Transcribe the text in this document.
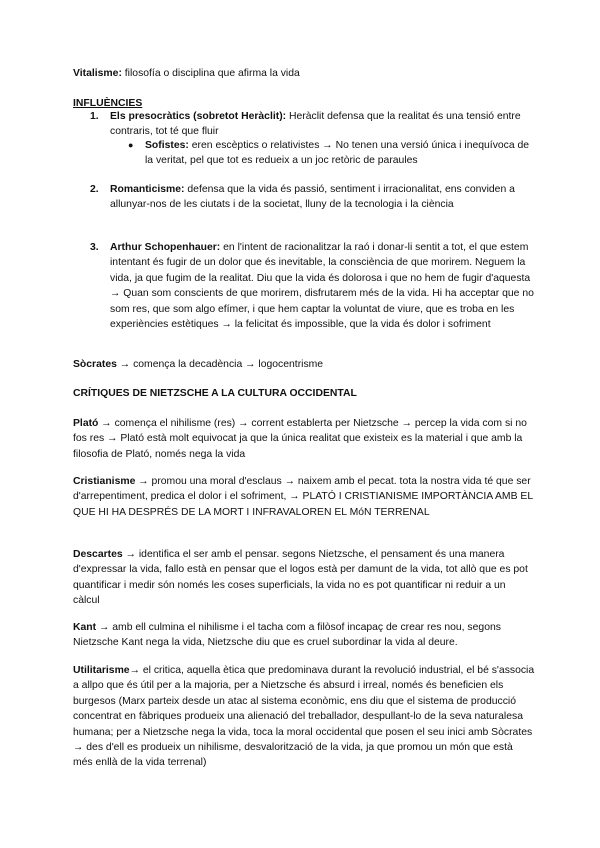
Vitalisme: filosofía o disciplina que afirma la vida
INFLUÈNCIES
1. Els presocràtics (sobretot Heràclit): Heràclit defensa que la realitat és una tensió entre contraris, tot té que fluir
● Sofistes: eren escèptics o relativistes → No tenen una versió única i inequívoca de la veritat, pel que tot es redueix a un joc retòric de paraules
2. Romanticisme: defensa que la vida és passió, sentiment i irracionalitat, ens conviden a allunyar-nos de les ciutats i de la societat, lluny de la tecnologia i la ciència
3. Arthur Schopenhauer: en l'intent de racionalitzar la raó i donar-li sentit a tot, el que estem intentant és fugir de un dolor que és inevitable, la consciència de que morirem. Neguem la vida, ja que fugim de la realitat. Diu que la vida és dolorosa i que no hem de fugir d'aquesta → Quan som conscients de que morirem, disfrutarem més de la vida. Hi ha acceptar que no som res, que som algo efímer, i que hem captar la voluntat de viure, que es troba en les experiències estètiques → la felicitat és impossible, que la vida és dolor i sofriment
Sòcrates → comença la decadència → logocentrisme
CRÍTIQUES DE NIETZSCHE A LA CULTURA OCCIDENTAL
Plató → comença el nihilisme (res) → corrent establerta per Nietzsche → percep la vida com si no fos res → Plató està molt equivocat ja que la única realitat que existeix es la material i que amb la filosofia de Plató, només nega la vida
Cristianisme → promou una moral d'esclaus → naixem amb el pecat. tota la nostra vida té que ser d'arrepentiment, predica el dolor i el sofriment, → PLATÓ I CRISTIANISME IMPORTÀNCIA AMB EL QUE HI HA DESPRÉS DE LA MORT I INFRAVALOREN EL MóN TERRENAL
Descartes → identifica el ser amb el pensar. segons Nietzsche, el pensament és una manera d'expressar la vida, fallo està en pensar que el logos està per damunt de la vida, tot allò que es pot quantificar i medir són només les coses superficials, la vida no es pot quantificar ni reduir a un càlcul
Kant → amb ell culmina el nihilisme i el tacha com a filòsof incapaç de crear res nou, segons Nietzsche Kant nega la vida, Nietzsche diu que es cruel subordinar la vida al deure.
Utilitarisme→ el critica, aquella ètica que predominava durant la revolució industrial, el bé s'associa a allpo que és útil per a la majoria, per a Nietzsche és absurd i irreal, només és beneficien els burgesos (Marx parteix desde un atac al sistema econòmic, ens diu que el sistema de producció concentrat en fàbriques produeix una alienació del treballador, despullant-lo de la seva naturalesa humana; per a Nietzsche nega la vida, toca la moral occidental que posen el seu inici amb Sòcrates → des d'ell es produeix un nihilisme, desvalorització de la vida, ja que promou un món que està més enllà de la vida terrenal)
